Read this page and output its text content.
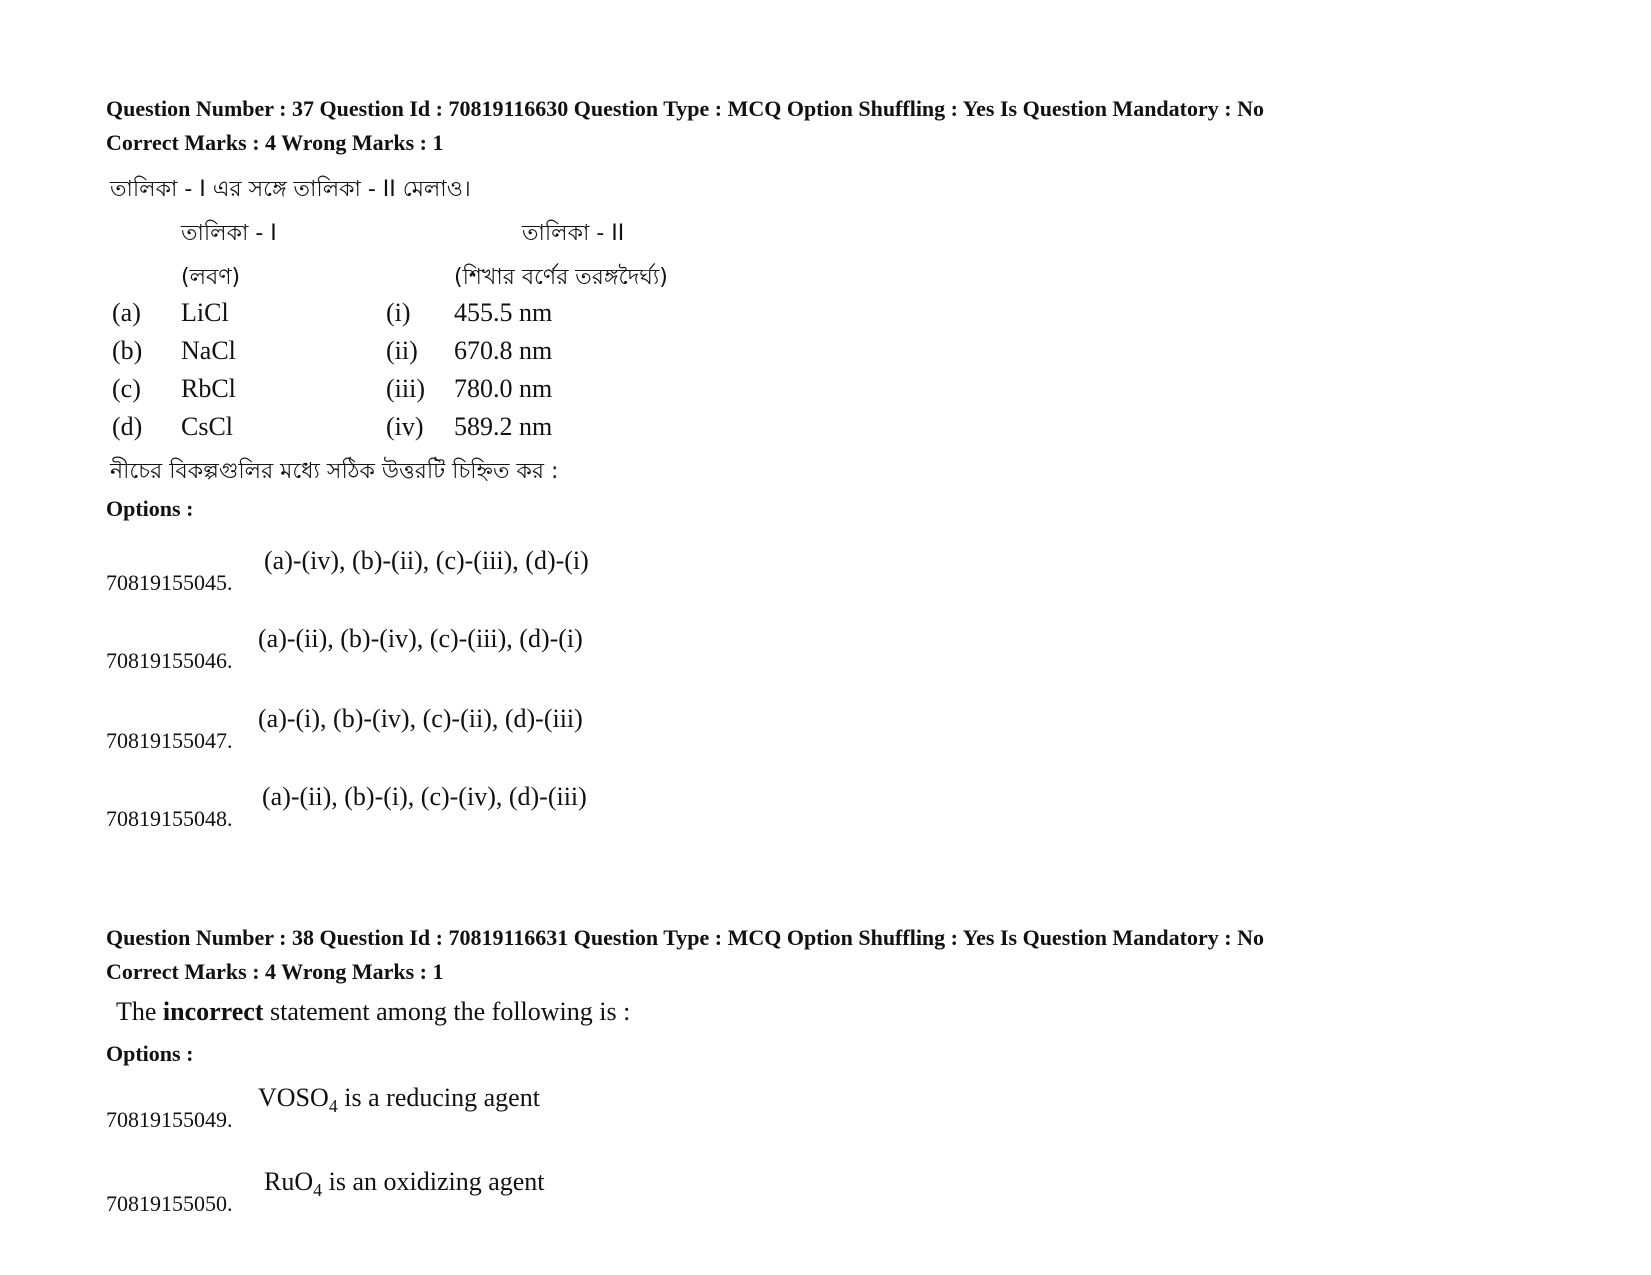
Question Number : 37 Question Id : 70819116630 Question Type : MCQ Option Shuffling : Yes Is Question Mandatory : No

Correct Marks : 4 Wrong Marks : 1

তালিকা - I এর সঙ্গে তালিকা - II মেলাও।
তালিকা - I	তালিকা - II
(লবণ)	(শিখার বর্ণের তরঙ্গদৈর্ঘ্য)
(a) LiCl	(i) 455.5 nm
(b) NaCl	(ii) 670.8 nm
(c) RbCl	(iii) 780.0 nm
(d) CsCl	(iv) 589.2 nm
নীচের বিকল্পগুলির মধ্যে সঠিক উত্তরটি চিহ্নিত কর :
Options :
70819155045.
(a)-(iv), (b)-(ii), (c)-(iii), (d)-(i)
70819155046.
(a)-(ii), (b)-(iv), (c)-(iii), (d)-(i)
70819155047.
(a)-(i), (b)-(iv), (c)-(ii), (d)-(iii)
70819155048.
(a)-(ii), (b)-(i), (c)-(iv), (d)-(iii)

Question Number : 38 Question Id : 70819116631 Question Type : MCQ Option Shuffling : Yes Is Question Mandatory : No

Correct Marks : 4 Wrong Marks : 1

The incorrect statement among the following is :
Options :
70819155049.
$VOSO_4$ is a reducing agent
70819155050.
RuO$_4$ is an oxidizing agent
